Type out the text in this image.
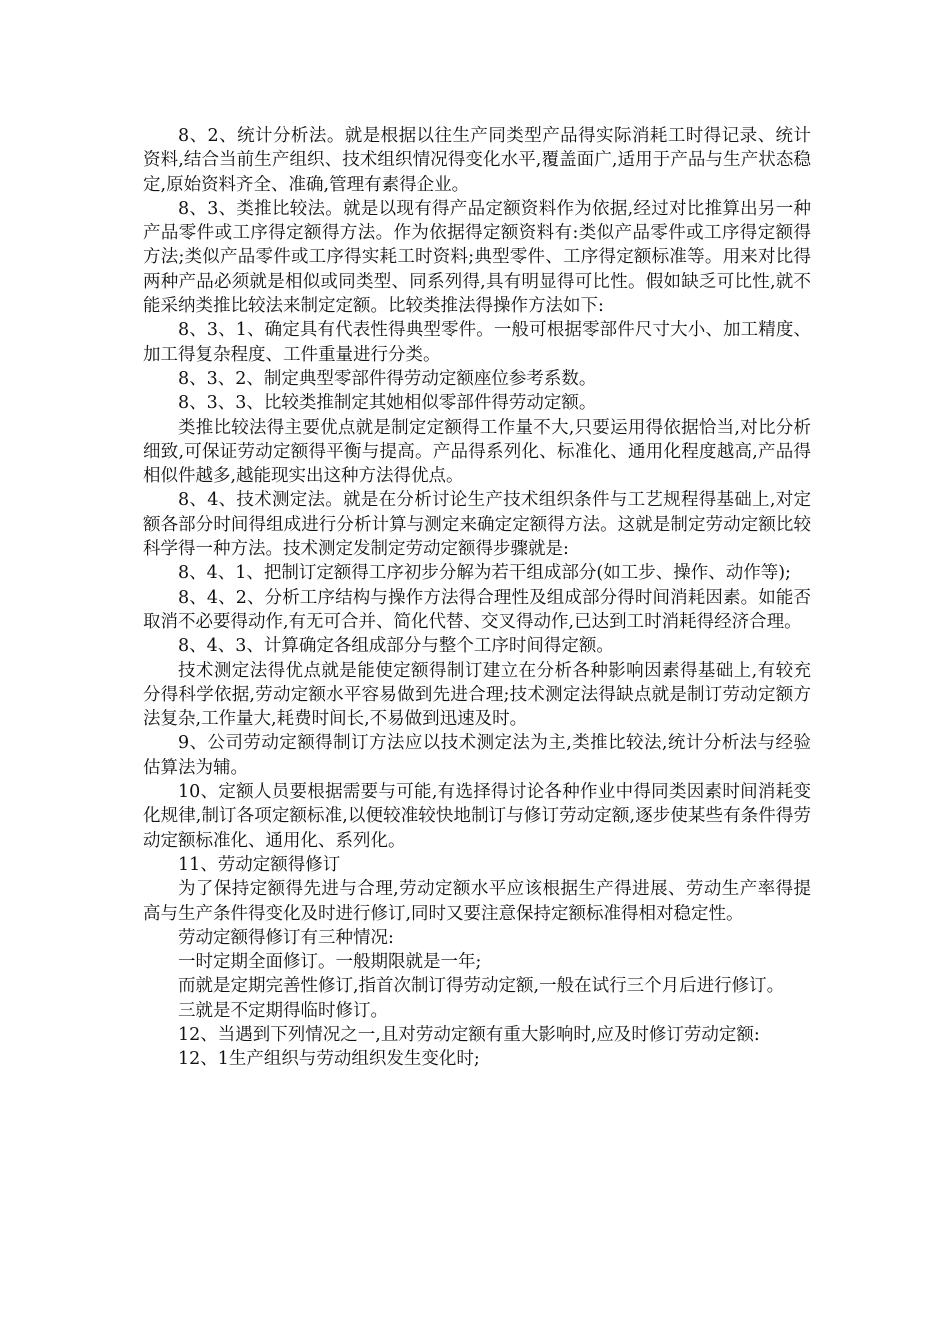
8、2、统计分析法。就是根据以往生产同类型产品得实际消耗工时得记录、统计资料,结合当前生产组织、技术组织情况得变化水平,覆盖面广,适用于产品与生产状态稳定,原始资料齐全、准确,管理有素得企业。

8、3、类推比较法。就是以现有得产品定额资料作为依据,经过对比推算出另一种产品零件或工序得定额得方法。作为依据得定额资料有:类似产品零件或工序得定额得方法;类似产品零件或工序得实耗工时资料;典型零件、工序得定额标准等。用来对比得两种产品必须就是相似或同类型、同系列得,具有明显得可比性。假如缺乏可比性,就不能采纳类推比较法来制定定额。比较类推法得操作方法如下:

8、3、1、确定具有代表性得典型零件。一般可根据零部件尺寸大小、加工精度、加工得复杂程度、工件重量进行分类。

8、3、2、制定典型零部件得劳动定额座位参考系数。

8、3、3、比较类推制定其她相似零部件得劳动定额。

类推比较法得主要优点就是制定定额得工作量不大,只要运用得依据恰当,对比分析细致,可保证劳动定额得平衡与提高。产品得系列化、标准化、通用化程度越高,产品得相似件越多,越能现实出这种方法得优点。

8、4、技术测定法。就是在分析讨论生产技术组织条件与工艺规程得基础上,对定额各部分时间得组成进行分析计算与测定来确定定额得方法。这就是制定劳动定额比较科学得一种方法。技术测定发制定劳动定额得步骤就是:

8、4、1、把制订定额得工序初步分解为若干组成部分(如工步、操作、动作等);

8、4、2、分析工序结构与操作方法得合理性及组成部分得时间消耗因素。如能否取消不必要得动作,有无可合并、简化代替、交叉得动作,已达到工时消耗得经济合理。

8、4、3、计算确定各组成部分与整个工序时间得定额。

技术测定法得优点就是能使定额得制订建立在分析各种影响因素得基础上,有较充分得科学依据,劳动定额水平容易做到先进合理;技术测定法得缺点就是制订劳动定额方法复杂,工作量大,耗费时间长,不易做到迅速及时。

9、公司劳动定额得制订方法应以技术测定法为主,类推比较法,统计分析法与经验估算法为辅。

10、定额人员要根据需要与可能,有选择得讨论各种作业中得同类因素时间消耗变化规律,制订各项定额标准,以便较准较快地制订与修订劳动定额,逐步使某些有条件得劳动定额标准化、通用化、系列化。

11、劳动定额得修订

为了保持定额得先进与合理,劳动定额水平应该根据生产得进展、劳动生产率得提高与生产条件得变化及时进行修订,同时又要注意保持定额标准得相对稳定性。

劳动定额得修订有三种情况:

一时定期全面修订。一般期限就是一年;

而就是定期完善性修订,指首次制订得劳动定额,一般在试行三个月后进行修订。

三就是不定期得临时修订。

12、当遇到下列情况之一,且对劳动定额有重大影响时,应及时修订劳动定额:

12、1生产组织与劳动组织发生变化时;
